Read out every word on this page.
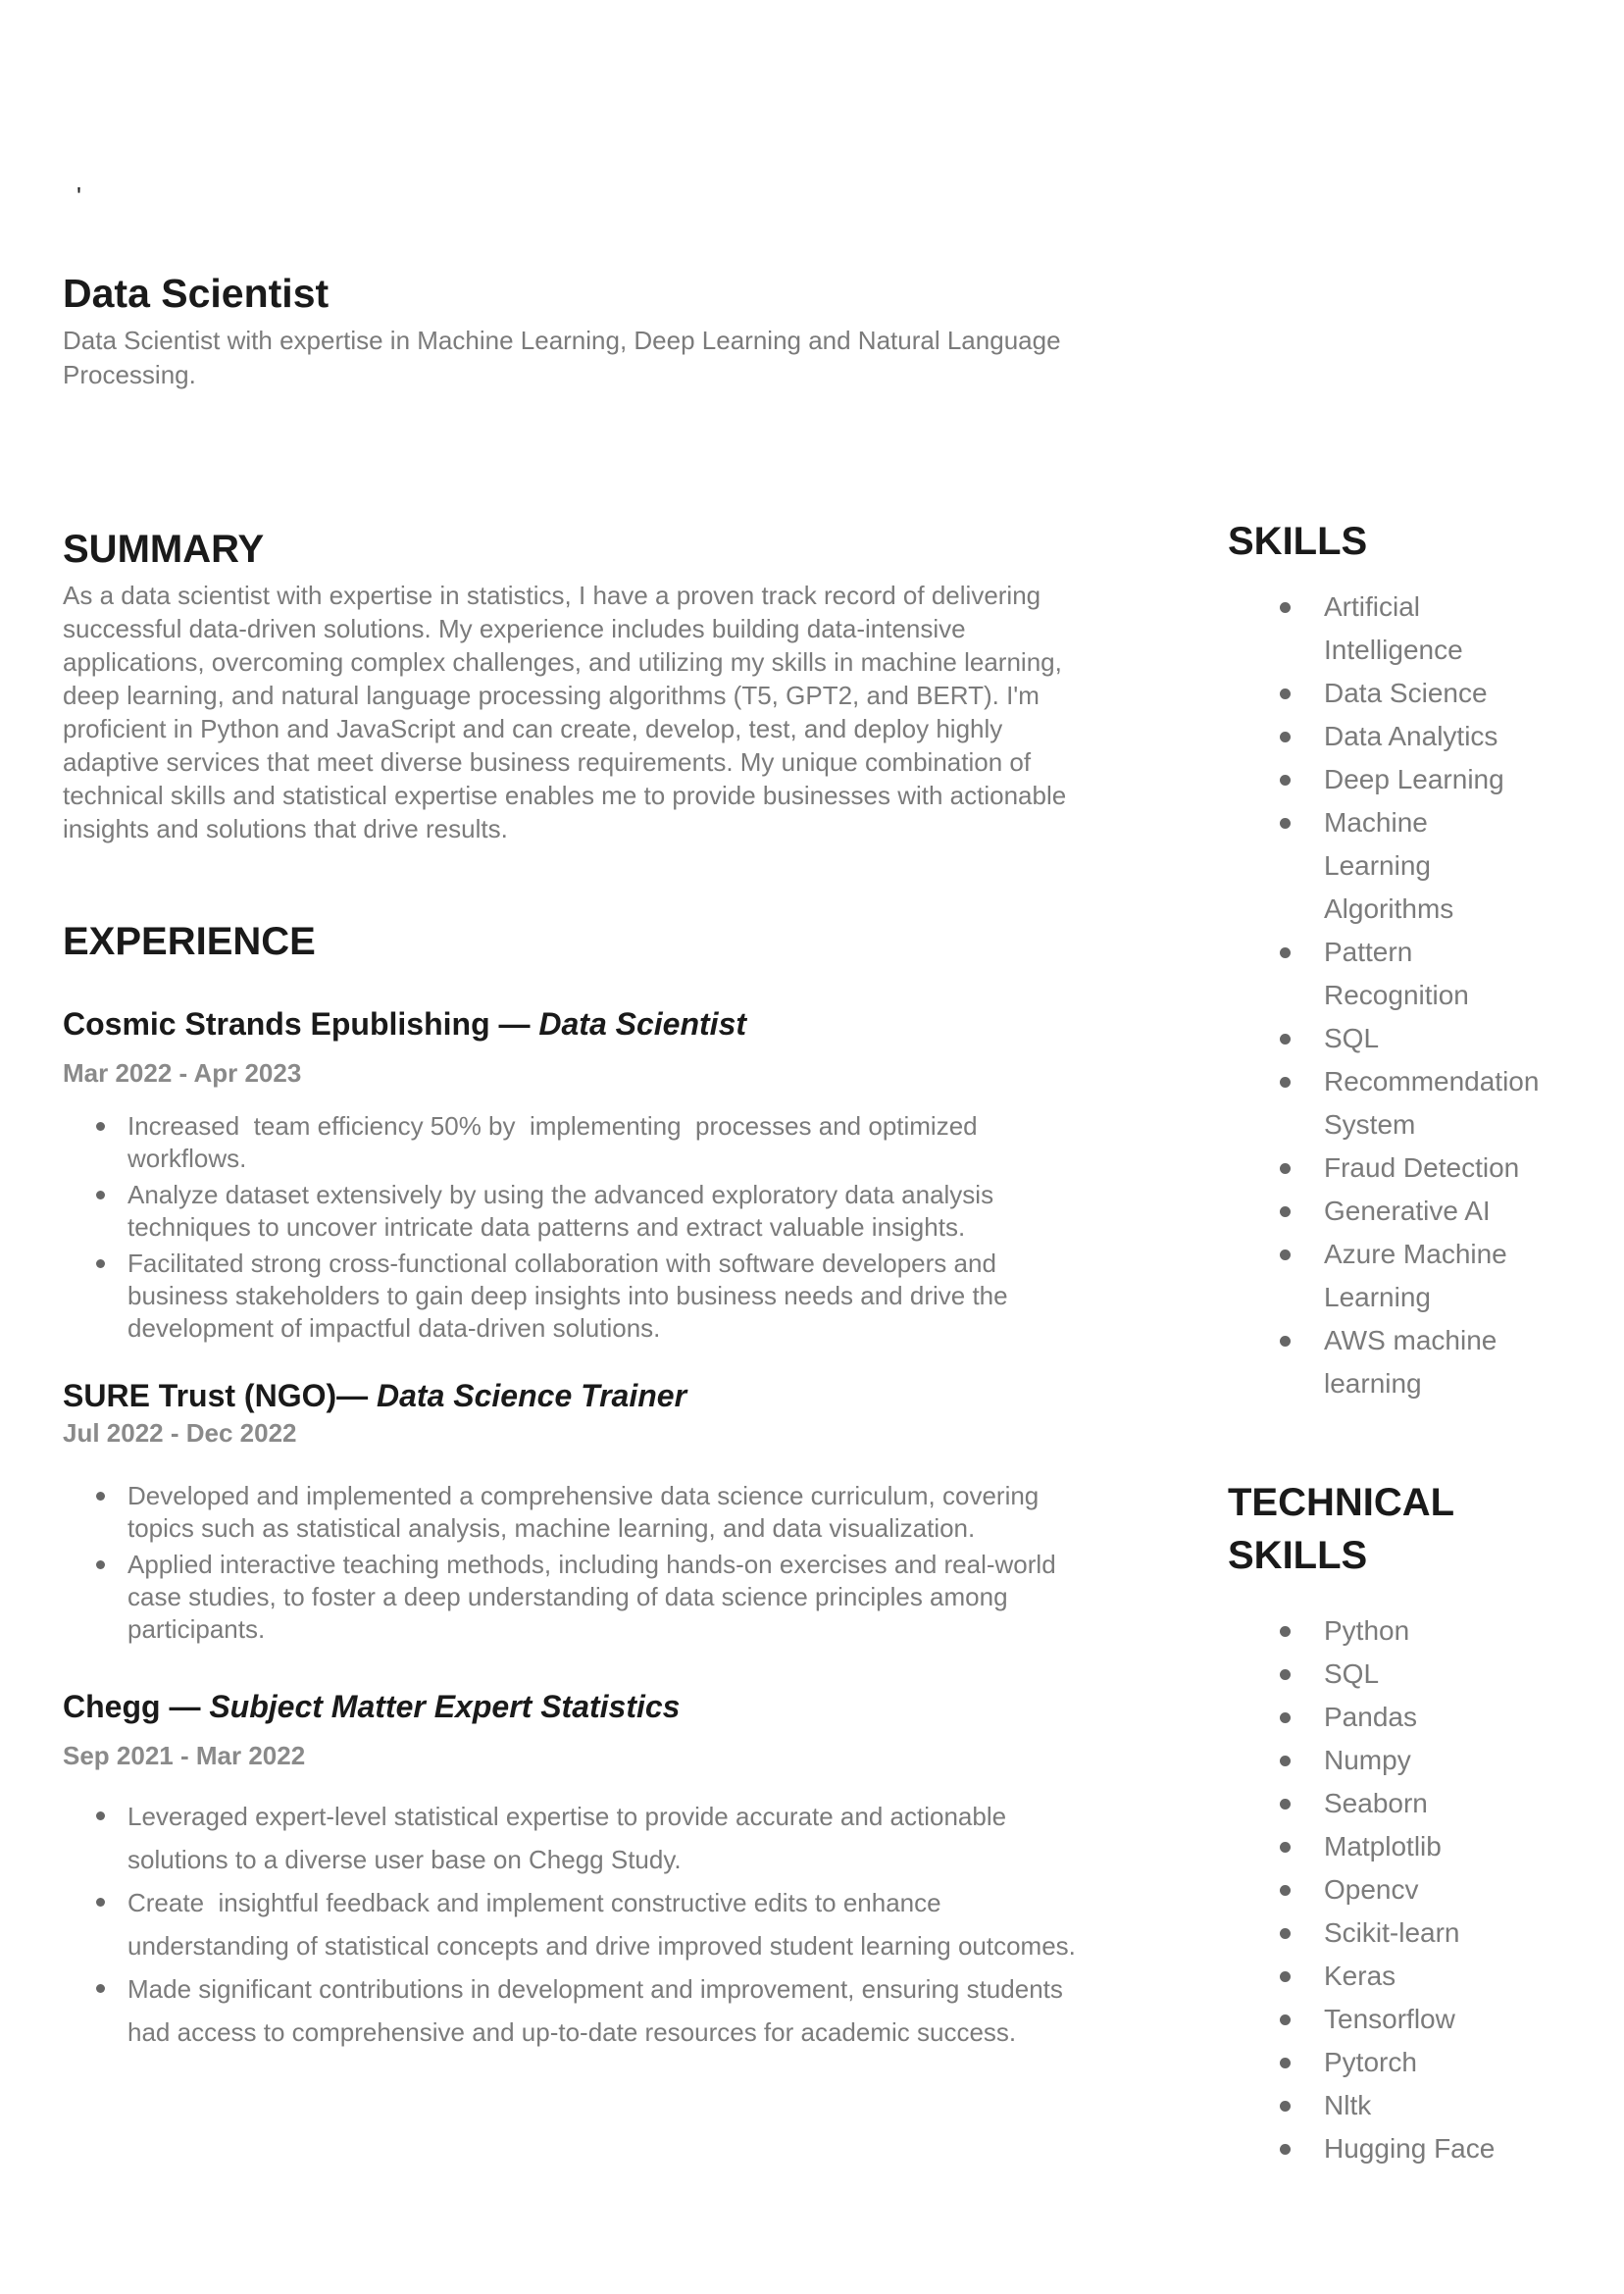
'
Data Scientist

Data Scientist with expertise in Machine Learning, Deep Learning and Natural Language Processing.

SUMMARY

As a data scientist with expertise in statistics, I have a proven track record of delivering successful data-driven solutions. My experience includes building data-intensive applications, overcoming complex challenges, and utilizing my skills in machine learning, deep learning, and natural language processing algorithms (T5, GPT2, and BERT). I'm proficient in Python and JavaScript and can create, develop, test, and deploy highly adaptive services that meet diverse business requirements. My unique combination of technical skills and statistical expertise enables me to provide businesses with actionable insights and solutions that drive results.

EXPERIENCE
Cosmic Strands Epublishing — Data Scientist
Mar 2022 - Apr 2023
Increased  team efficiency 50% by  implementing  processes and optimized workflows.
Analyze dataset extensively by using the advanced exploratory data analysis techniques to uncover intricate data patterns and extract valuable insights.
Facilitated strong cross-functional collaboration with software developers and business stakeholders to gain deep insights into business needs and drive the development of impactful data-driven solutions.
SURE Trust (NGO)— Data Science Trainer
Jul 2022 - Dec 2022
Developed and implemented a comprehensive data science curriculum, covering topics such as statistical analysis, machine learning, and data visualization.
Applied interactive teaching methods, including hands-on exercises and real-world case studies, to foster a deep understanding of data science principles among participants.
Chegg — Subject Matter Expert Statistics
Sep 2021 - Mar 2022
Leveraged expert-level statistical expertise to provide accurate and actionable solutions to a diverse user base on Chegg Study.
Create  insightful feedback and implement constructive edits to enhance understanding of statistical concepts and drive improved student learning outcomes.
Made significant contributions in development and improvement, ensuring students had access to comprehensive and up-to-date resources for academic success.
SKILLS
Artificial Intelligence
Data Science
Data Analytics
Deep Learning
Machine Learning Algorithms
Pattern Recognition
SQL
Recommendation System
Fraud Detection
Generative AI
Azure Machine Learning
AWS machine learning
TECHNICAL SKILLS
Python
SQL
Pandas
Numpy
Seaborn
Matplotlib
Opencv
Scikit-learn
Keras
Tensorflow
Pytorch
Nltk
Hugging Face
